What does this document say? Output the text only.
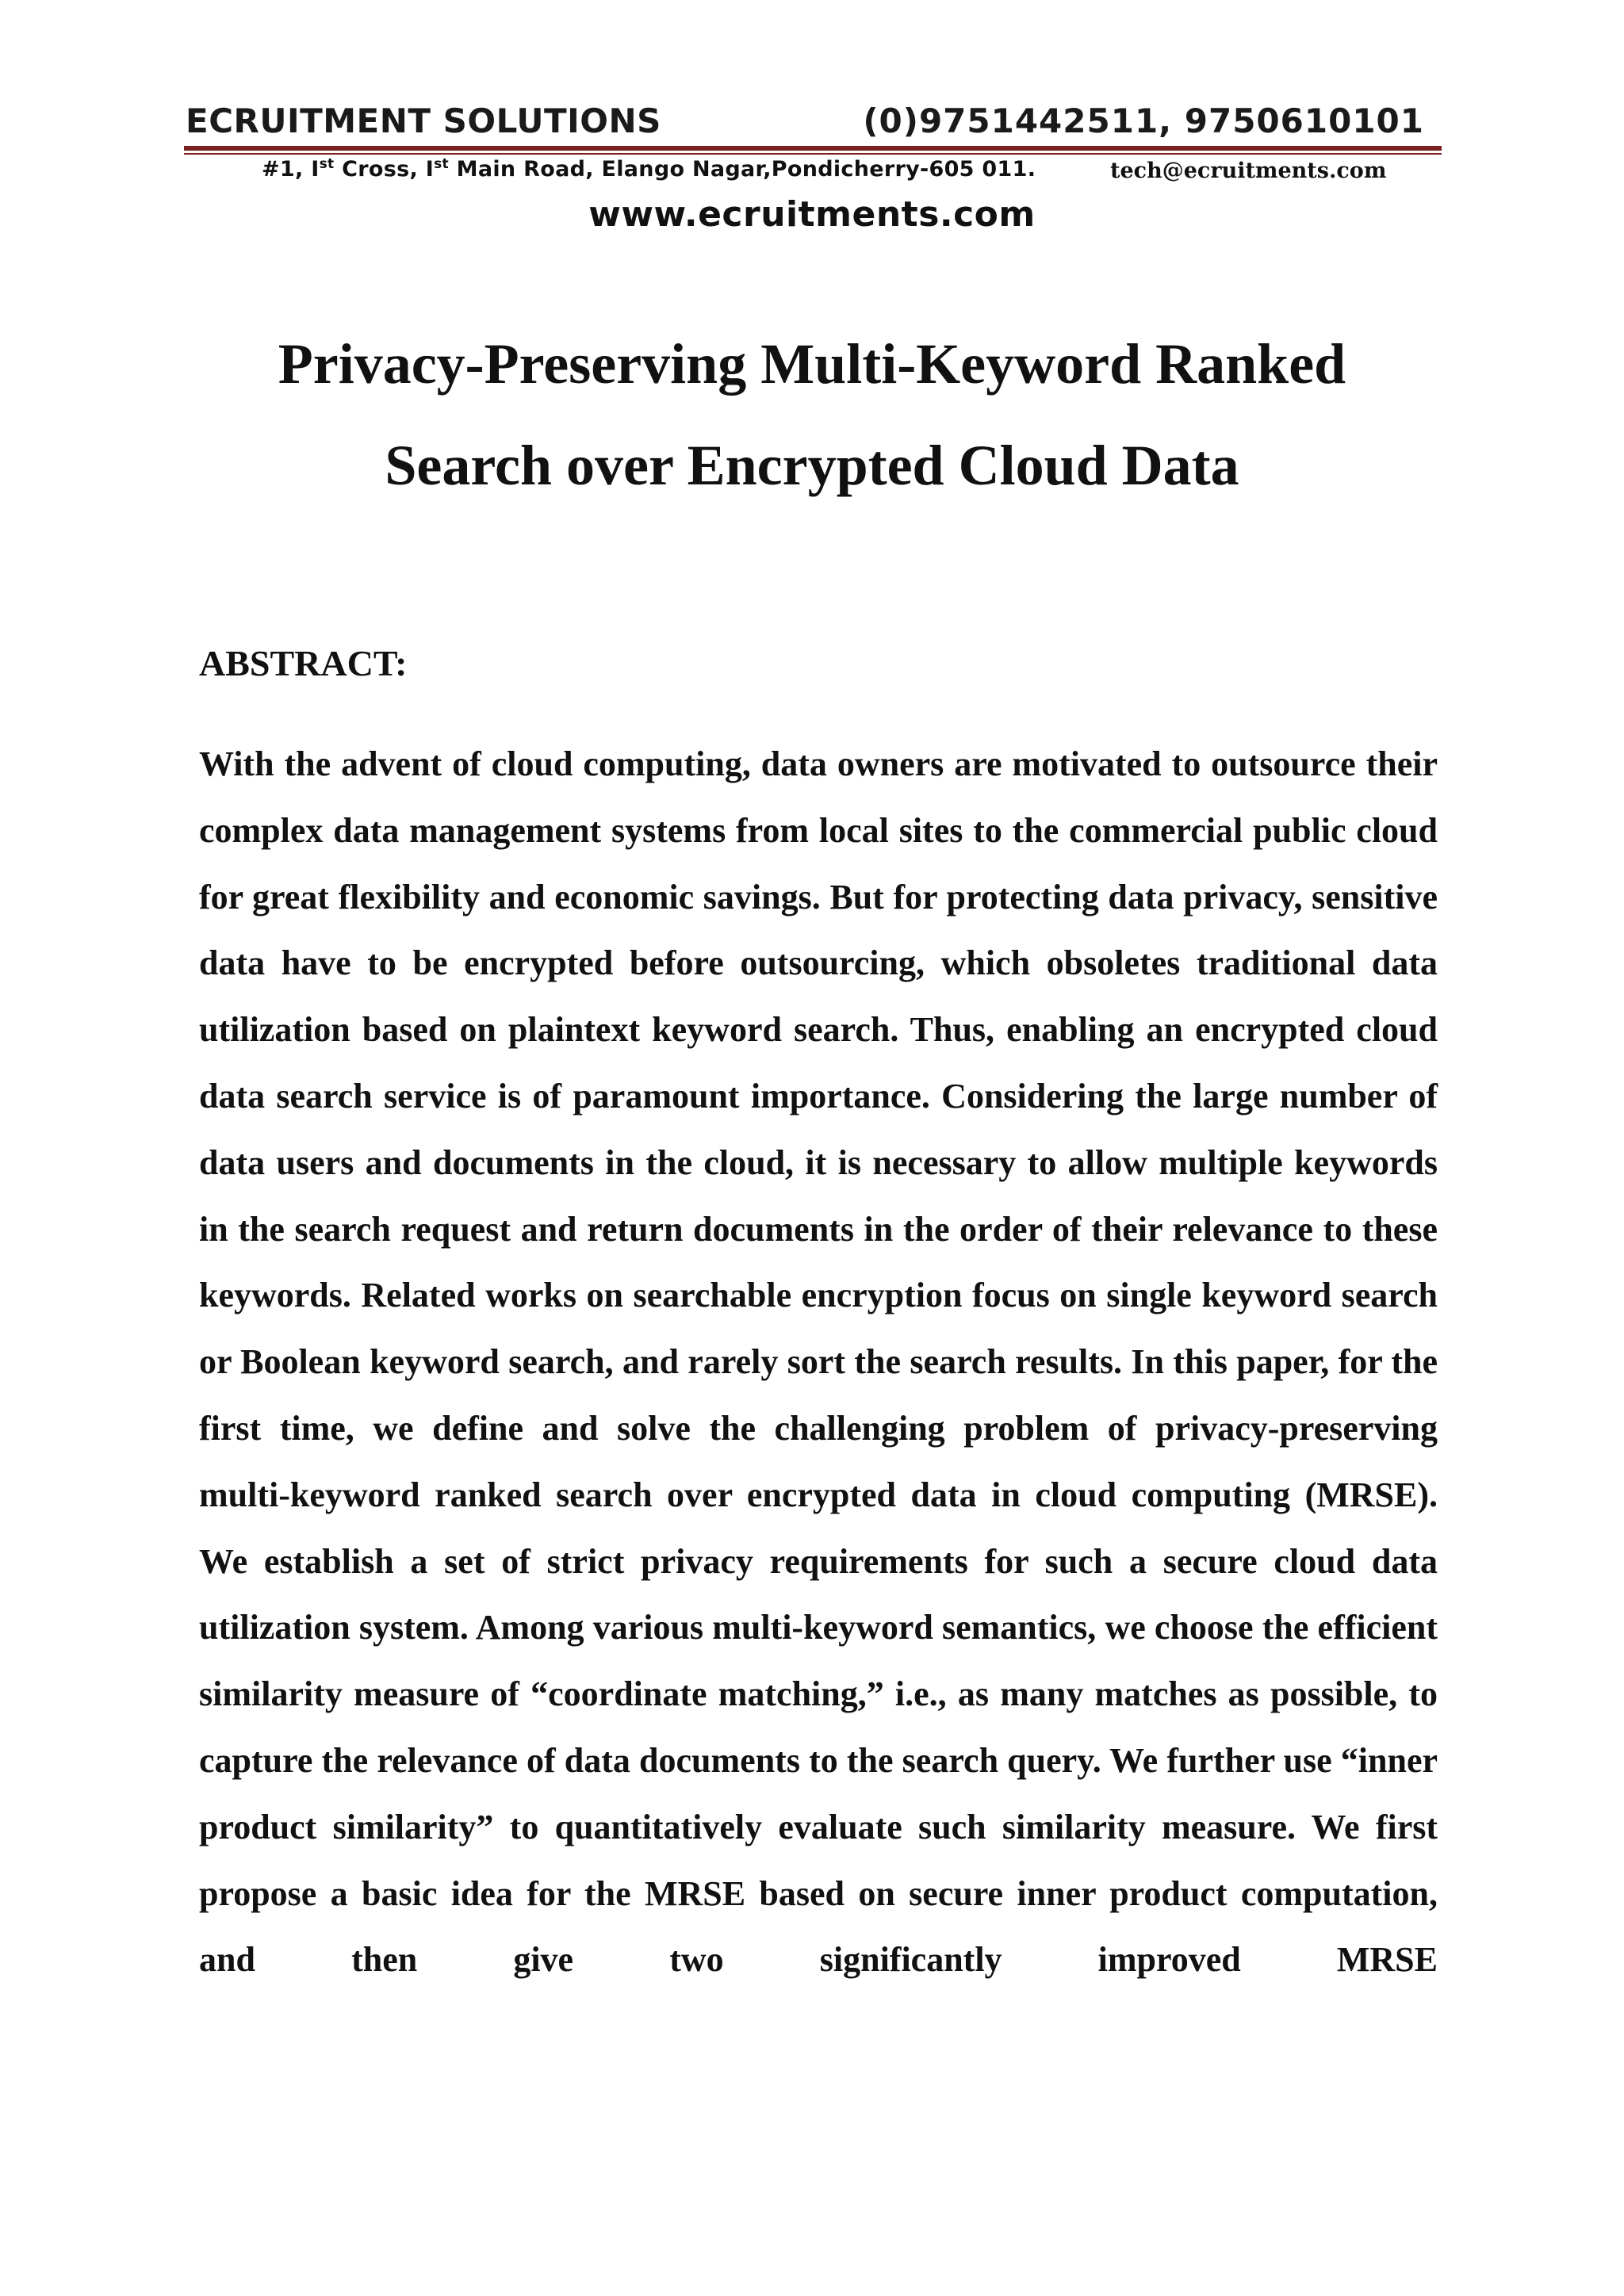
ECRUITMENT SOLUTIONS	(0)9751442511, 9750610101
#1, Ist Cross, Ist Main Road, Elango Nagar,Pondicherry-605 011.	tech@ecruitments.com
www.ecruitments.com
Privacy-Preserving Multi-Keyword Ranked
Search over Encrypted Cloud Data
ABSTRACT:

With the advent of cloud computing, data owners are motivated to outsource their complex data management systems from local sites to the commercial public cloud for great flexibility and economic savings. But for protecting data privacy, sensitive data have to be encrypted before outsourcing, which obsoletes traditional data utilization based on plaintext keyword search. Thus, enabling an encrypted cloud data search service is of paramount importance. Considering the large number of data users and documents in the cloud, it is necessary to allow multiple keywords in the search request and return documents in the order of their relevance to these keywords. Related works on searchable encryption focus on single keyword search or Boolean keyword search, and rarely sort the search results. In this paper, for the first time, we define and solve the challenging problem of privacy-preserving multi-keyword ranked search over encrypted data in cloud computing (MRSE). We establish a set of strict privacy requirements for such a secure cloud data utilization system. Among various multi-keyword semantics, we choose the efficient similarity measure of “coordinate matching,” i.e., as many matches as possible, to capture the relevance of data documents to the search query. We further use “inner product similarity” to quantitatively evaluate such similarity measure. We first propose a basic idea for the MRSE based on secure inner product computation, and then give two significantly improved MRSE
